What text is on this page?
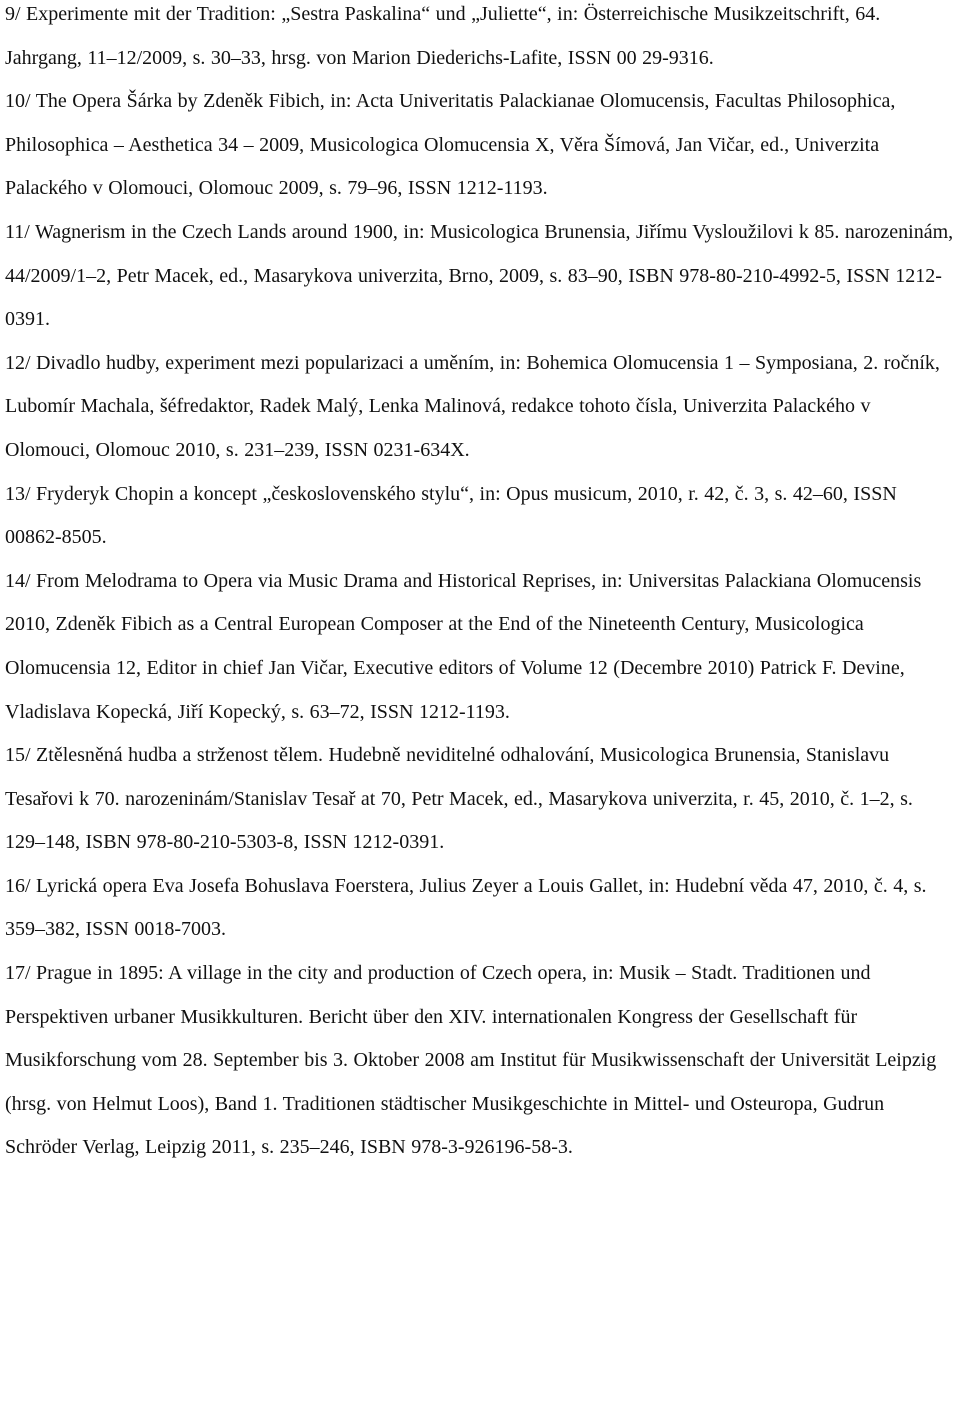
9/ Experimente mit der Tradition: „Sestra Paskalina“ und „Juliette“, in: Österreichische Musikzeitschrift, 64. Jahrgang, 11–12/2009, s. 30–33, hrsg. von Marion Diederichs-Lafite, ISSN 00 29-9316.

10/ The Opera Šárka by Zdeněk Fibich, in: Acta Univeritatis Palackianae Olomucensis, Facultas Philosophica, Philosophica – Aesthetica 34 – 2009, Musicologica Olomucensia X, Věra Šímová, Jan Vičar, ed., Univerzita Palackého v Olomouci, Olomouc 2009, s. 79–96, ISSN 1212-1193.

11/ Wagnerism in the Czech Lands around 1900, in: Musicologica Brunensia, Jiřímu Vysloužilovi k 85. narozeninám, 44/2009/1–2, Petr Macek, ed., Masarykova univerzita, Brno, 2009, s. 83–90, ISBN 978-80-210-4992-5, ISSN 1212-0391.

12/ Divadlo hudby, experiment mezi popularizaci a uměním, in: Bohemica Olomucensia 1 – Symposiana, 2. ročník, Lubomír Machala, šéfredaktor, Radek Malý, Lenka Malinová, redakce tohoto čísla, Univerzita Palackého v Olomouci, Olomouc 2010, s. 231–239, ISSN 0231-634X.

13/ Fryderyk Chopin a koncept „československého stylu“, in: Opus musicum, 2010, r. 42, č. 3, s. 42–60, ISSN 00862-8505.

14/ From Melodrama to Opera via Music Drama and Historical Reprises, in: Universitas Palackiana Olomucensis 2010, Zdeněk Fibich as a Central European Composer at the End of the Nineteenth Century, Musicologica Olomucensia 12, Editor in chief Jan Vičar, Executive editors of Volume 12 (Decembre 2010) Patrick F. Devine, Vladislava Kopecká, Jiří Kopecký, s. 63–72, ISSN 1212-1193.

15/ Ztělesněná hudba a strženost tělem. Hudebně neviditelné odhalování, Musicologica Brunensia, Stanislavu Tesařovi k 70. narozeninám/Stanislav Tesař at 70, Petr Macek, ed., Masarykova univerzita, r. 45, 2010, č. 1–2, s. 129–148, ISBN 978-80-210-5303-8, ISSN 1212-0391.

16/ Lyrická opera Eva Josefa Bohuslava Foerstera, Julius Zeyer a Louis Gallet, in: Hudební věda 47, 2010, č. 4, s. 359–382, ISSN 0018-7003.

17/ Prague in 1895: A village in the city and production of Czech opera, in: Musik – Stadt. Traditionen und Perspektiven urbaner Musikkulturen. Bericht über den XIV. internationalen Kongress der Gesellschaft für Musikforschung vom 28. September bis 3. Oktober 2008 am Institut für Musikwissenschaft der Universität Leipzig (hrsg. von Helmut Loos), Band 1. Traditionen städtischer Musikgeschichte in Mittel- und Osteuropa, Gudrun Schröder Verlag, Leipzig 2011, s. 235–246, ISBN 978-3-926196-58-3.
